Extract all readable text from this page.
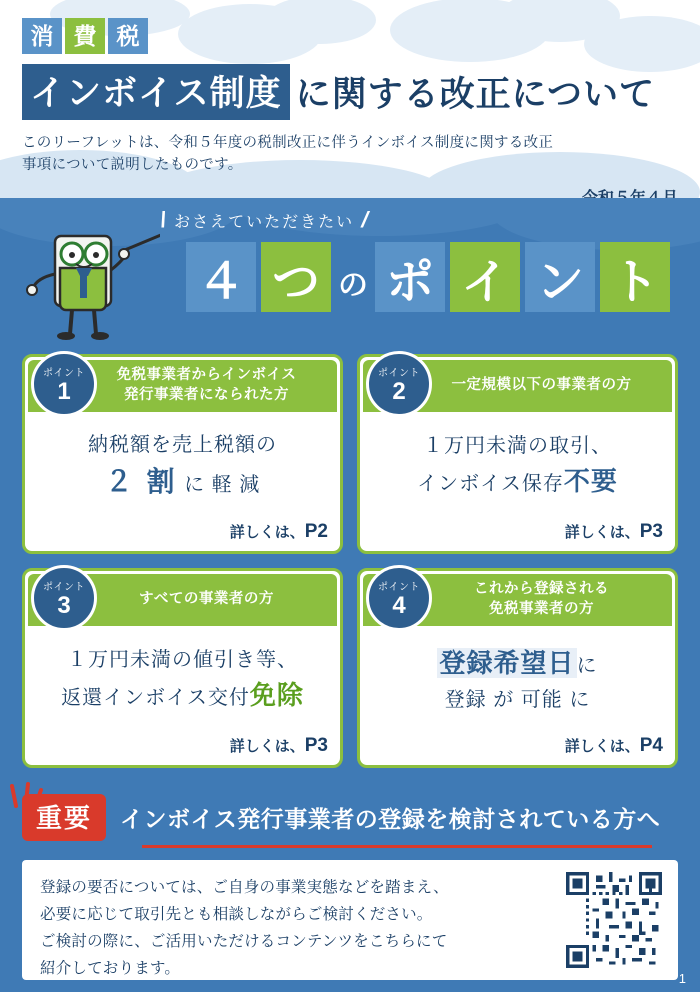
消 費 税
インボイス制度 に関する改正について
このリーフレットは、令和５年度の税制改正に伴うインボイス制度に関する改正
事項について説明したものです。
\ おさえていただきたい /
４ つ の ポ イ ン ト
免税事業者からインボイス
発行事業者になられた方
ポイント
1
納税額を売上税額の
２ 割 に 軽 減
詳しくは、P2
一定規模以下の事業者の方
ポイント
2
１万円未満の取引、
インボイス保存不要
詳しくは、P3
すべての事業者の方
ポイント
3
１万円未満の値引き等、
返還インボイス交付免除
詳しくは、P3
これから登録される
免税事業者の方
ポイント
4
登録希望日 に
登録 が 可能 に
詳しくは、P4
重要	インボイス発行事業者の登録を検討されている方へ
登録の要否については、ご自身の事業実態などを踏まえ、
必要に応じて取引先とも相談しながらご検討ください。
ご検討の際に、ご活用いただけるコンテンツをこちらにて
紹介しております。
1
